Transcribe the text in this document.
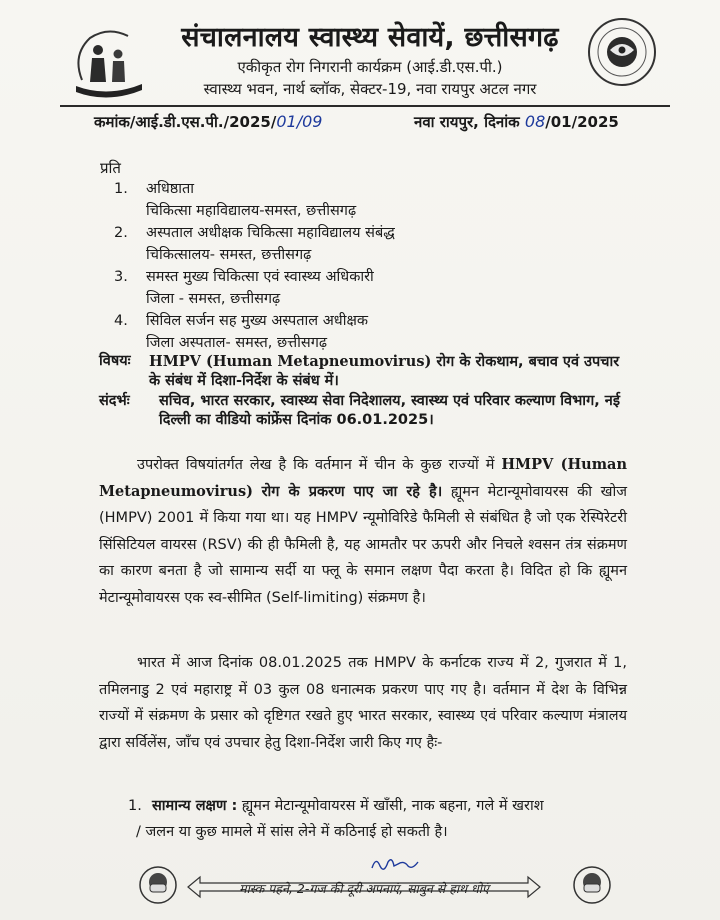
संचालनालय स्वास्थ्य सेवायें, छत्तीसगढ़
एकीकृत रोग निगरानी कार्यक्रम (आई.डी.एस.पी.)
स्वास्थ्य भवन, नार्थ ब्लॉक, सेक्टर-19, नवा रायपुर अटल नगर
कमांक/आई.डी.एस.पी./2025/01/09	नवा रायपुर, दिनांक 08/01/2025
प्रति
1. अधिष्ठाता
चिकित्सा महाविद्यालय-समस्त, छत्तीसगढ़
2. अस्पताल अधीक्षक चिकित्सा महाविद्यालय संबंद्ध
चिकित्सालय- समस्त, छत्तीसगढ़
3. समस्त मुख्य चिकित्सा एवं स्वास्थ्य अधिकारी
जिला - समस्त, छत्तीसगढ़
4. सिविल सर्जन सह मुख्य अस्पताल अधीक्षक
जिला अस्पताल- समस्त, छत्तीसगढ़
विषयः HMPV (Human Metapneumovirus) रोग के रोकथाम, बचाव एवं उपचार के संबंध में दिशा-निर्देश के संबंध में।
संदर्भः सचिव, भारत सरकार, स्वास्थ्य सेवा निदेशालय, स्वास्थ्य एवं परिवार कल्याण विभाग, नई दिल्ली का वीडियो कांफ्रेंस दिनांक 06.01.2025।
उपरोक्त विषयांतर्गत लेख है कि वर्तमान में चीन के कुछ राज्यों में HMPV (Human Metapneumovirus) रोग के प्रकरण पाए जा रहे है। ह्यूमन मेटान्यूमोवायरस की खोज (HMPV) 2001 में किया गया था। यह HMPV न्यूमोविरिडे फैमिली से संबंधित है जो एक रेस्पिरेटरी सिंसिटियल वायरस (RSV) की ही फैमिली है, यह आमतौर पर ऊपरी और निचले श्वसन तंत्र संक्रमण का कारण बनता है जो सामान्य सर्दी या फ्लू के समान लक्षण पैदा करता है। विदित हो कि ह्यूमन मेटान्यूमोवायरस एक स्व-सीमित (Self-limiting) संक्रमण है।
भारत में आज दिनांक 08.01.2025 तक HMPV के कर्नाटक राज्य में 2, गुजरात में 1, तमिलनाडु 2 एवं महाराष्ट्र में 03 कुल 08 धनात्मक प्रकरण पाए गए है। वर्तमान में देश के विभिन्न राज्यों में संक्रमण के प्रसार को दृष्टिगत रखते हुए भारत सरकार, स्वास्थ्य एवं परिवार कल्याण मंत्रालय द्वारा सर्विलेंस, जाँच एवं उपचार हेतु दिशा-निर्देश जारी किए गए हैः-
1. सामान्य लक्षण : ह्यूमन मेटान्यूमोवायरस में खाँसी, नाक बहना, गले में खराश
/ जलन या कुछ मामले में सांस लेने में कठिनाई हो सकती है।
मास्क पहने, 2-गज की दूरी अपनाएं, साबुन से हाथ धोएं
